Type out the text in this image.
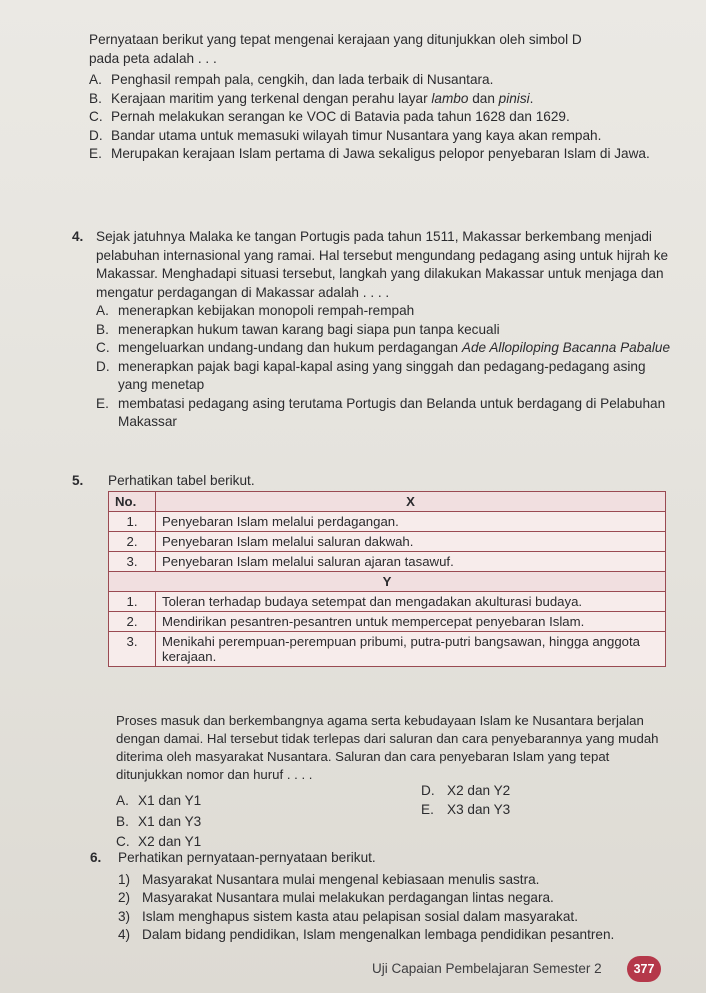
Pernyataan berikut yang tepat mengenai kerajaan yang ditunjukkan oleh simbol D
pada peta adalah . . .
A. Penghasil rempah pala, cengkih, dan lada terbaik di Nusantara.
B. Kerajaan maritim yang terkenal dengan perahu layar lambo dan pinisi.
C. Pernah melakukan serangan ke VOC di Batavia pada tahun 1628 dan 1629.
D. Bandar utama untuk memasuki wilayah timur Nusantara yang kaya akan rempah.
E. Merupakan kerajaan Islam pertama di Jawa sekaligus pelopor penyebaran Islam di Jawa.
4. Sejak jatuhnya Malaka ke tangan Portugis pada tahun 1511, Makassar berkembang menjadi pelabuhan internasional yang ramai. Hal tersebut mengundang pedagang asing untuk hijrah ke Makassar. Menghadapi situasi tersebut, langkah yang dilakukan Makassar untuk menjaga dan mengatur perdagangan di Makassar adalah . . . .
A. menerapkan kebijakan monopoli rempah-rempah
B. menerapkan hukum tawan karang bagi siapa pun tanpa kecuali
C. mengeluarkan undang-undang dan hukum perdagangan Ade Allopiloping Bacanna Pabalue
D. menerapkan pajak bagi kapal-kapal asing yang singgah dan pedagang-pedagang asing yang menetap
E. membatasi pedagang asing terutama Portugis dan Belanda untuk berdagang di Pelabuhan Makassar
5. Perhatikan tabel berikut.
No.	X
1.	Penyebaran Islam melalui perdagangan.
2.	Penyebaran Islam melalui saluran dakwah.
3.	Penyebaran Islam melalui saluran ajaran tasawuf.
Y	
1.	Toleran terhadap budaya setempat dan mengadakan akulturasi budaya.
2.	Mendirikan pesantren-pesantren untuk mempercepat penyebaran Islam.
3.	Menikahi perempuan-perempuan pribumi, putra-putri bangsawan, hingga anggota kerajaan.
Proses masuk dan berkembangnya agama serta kebudayaan Islam ke Nusantara berjalan dengan damai. Hal tersebut tidak terlepas dari saluran dan cara penyebarannya yang mudah diterima oleh masyarakat Nusantara. Saluran dan cara penyebaran Islam yang tepat ditunjukkan nomor dan huruf . . . .
A. X1 dan Y1
B. X1 dan Y3
C. X2 dan Y1
D. X2 dan Y2
E. X3 dan Y3
6. Perhatikan pernyataan-pernyataan berikut.
1) Masyarakat Nusantara mulai mengenal kebiasaan menulis sastra.
2) Masyarakat Nusantara mulai melakukan perdagangan lintas negara.
3) Islam menghapus sistem kasta atau pelapisan sosial dalam masyarakat.
4) Dalam bidang pendidikan, Islam mengenalkan lembaga pendidikan pesantren.
Uji Capaian Pembelajaran Semester 2	377
